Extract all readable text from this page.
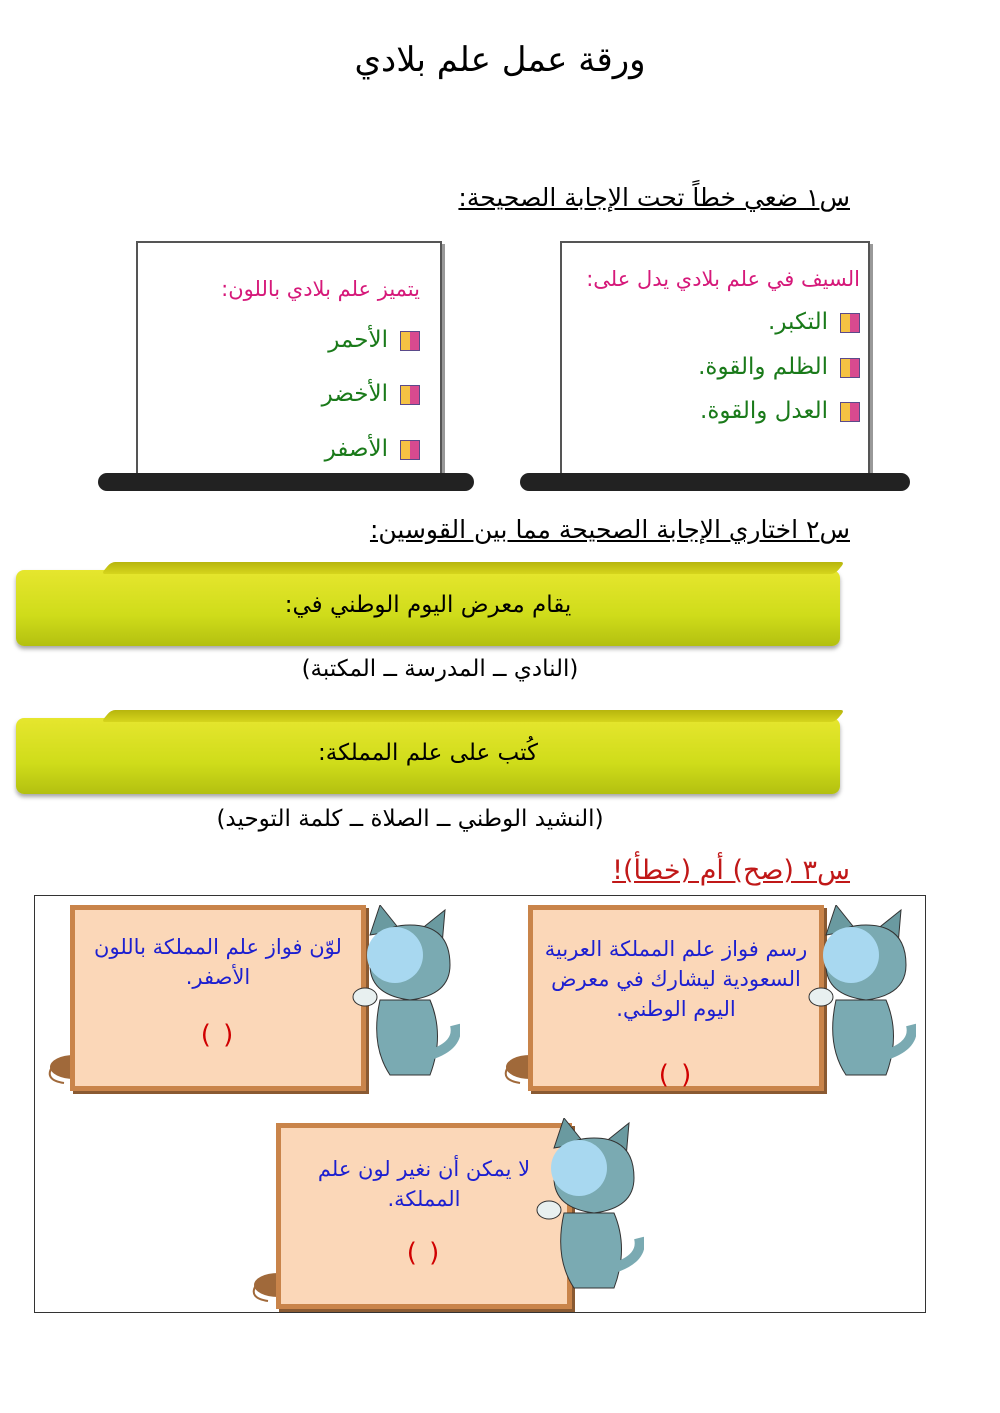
ورقة عمل علم بلادي
س١ ضعي خطاً تحت الإجابة الصحيحة:
السيف في علم بلادي يدل على:
التكبر.
الظلم والقوة.
العدل والقوة.
يتميز علم بلادي باللون:
الأحمر
الأخضر
الأصفر
س٢ اختاري الإجابة الصحيحة مما بين القوسين:
يقام معرض اليوم الوطني في:
(النادي ــ المدرسة ــ المكتبة)
كُتب على علم المملكة:
(النشيد الوطني ــ الصلاة ــ كلمة التوحيد)
س٣ (صح) أم (خطأ)!
رسم فواز علم المملكة العربية السعودية ليشارك في معرض اليوم الوطني.
( )
لوّن فواز علم المملكة باللون الأصفر.
( )
لا يمكن أن نغير لون علم المملكة.
( )
